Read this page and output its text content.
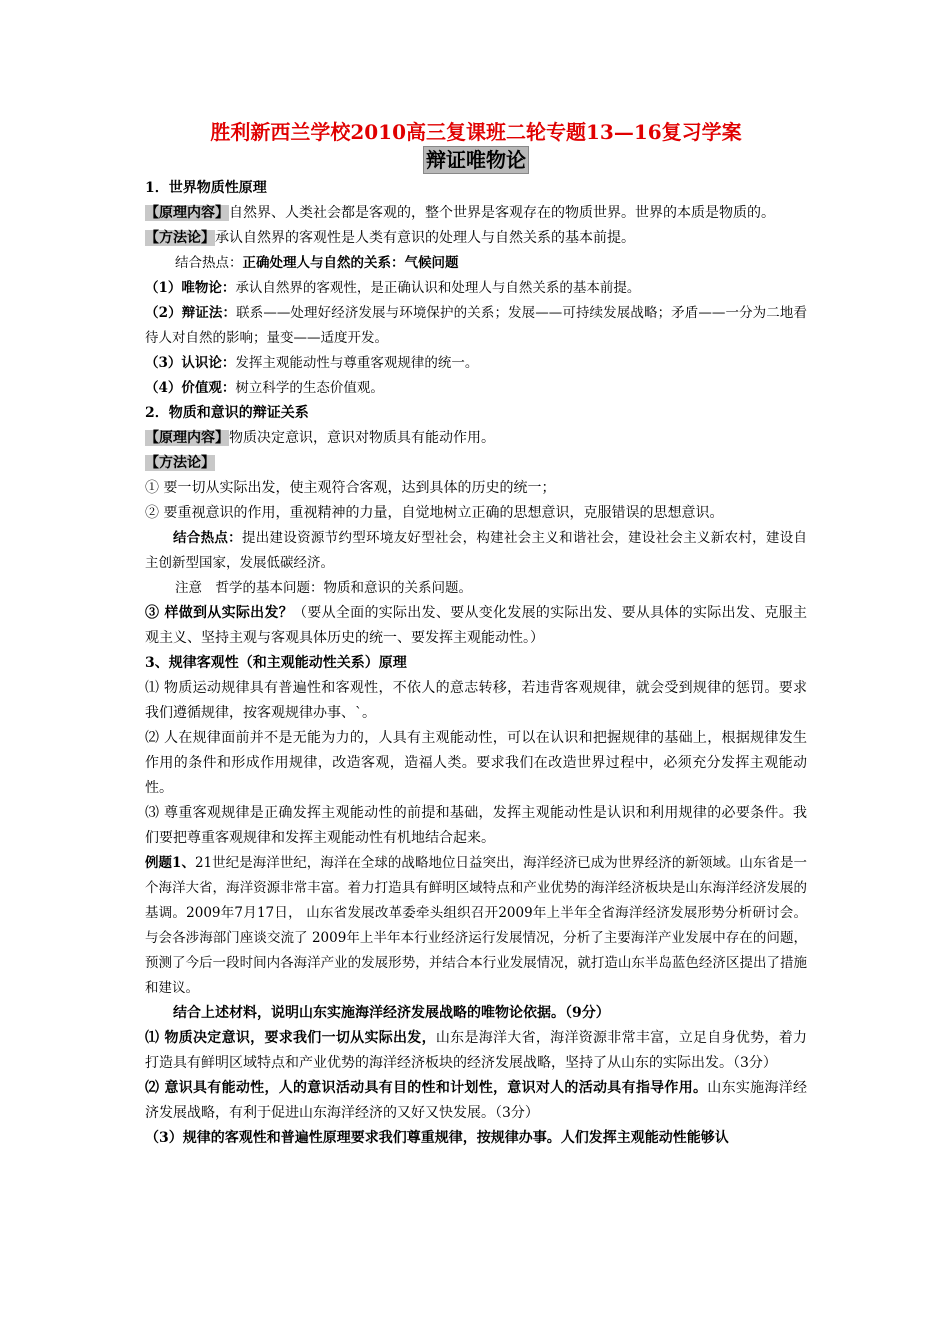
胜利新西兰学校2010高三复课班二轮专题13—16复习学案
辩证唯物论

1．世界物质性原理

【原理内容】自然界、人类社会都是客观的，整个世界是客观存在的物质世界。世界的本质是物质的。

【方法论】承认自然界的客观性是人类有意识的处理人与自然关系的基本前提。

结合热点：正确处理人与自然的关系：气候问题

（1）唯物论：承认自然界的客观性，是正确认识和处理人与自然关系的基本前提。

（2）辩证法：联系——处理好经济发展与环境保护的关系；发展——可持续发展战略；矛盾——一分为二地看待人对自然的影响；量变——适度开发。

（3）认识论：发挥主观能动性与尊重客观规律的统一。

（4）价值观：树立科学的生态价值观。

2．物质和意识的辩证关系

【原理内容】物质决定意识，意识对物质具有能动作用。

【方法论】

① 要一切从实际出发，使主观符合客观，达到具体的历史的统一；

② 要重视意识的作用，重视精神的力量，自觉地树立正确的思想意识，克服错误的思想意识。

结合热点：提出建设资源节约型环境友好型社会，构建社会主义和谐社会，建设社会主义新农村，建设自主创新型国家，发展低碳经济。

注意　哲学的基本问题：物质和意识的关系问题。

③ 样做到从实际出发？（要从全面的实际出发、要从变化发展的实际出发、要从具体的实际出发、克服主观主义、坚持主观与客观具体历史的统一、要发挥主观能动性。）

3、规律客观性（和主观能动性关系）原理

⑴ 物质运动规律具有普遍性和客观性，不依人的意志转移，若违背客观规律，就会受到规律的惩罚。要求我们遵循规律，按客观规律办事、`。

⑵ 人在规律面前并不是无能为力的，人具有主观能动性，可以在认识和把握规律的基础上，根据规律发生作用的条件和形成作用规律，改造客观，造福人类。要求我们在改造世界过程中，必须充分发挥主观能动性。

⑶ 尊重客观规律是正确发挥主观能动性的前提和基础，发挥主观能动性是认识和利用规律的必要条件。我们要把尊重客观规律和发挥主观能动性有机地结合起来。

例题1、21世纪是海洋世纪，海洋在全球的战略地位日益突出，海洋经济已成为世界经济的新领域。山东省是一个海洋大省，海洋资源非常丰富。着力打造具有鲜明区域特点和产业优势的海洋经济板块是山东海洋经济发展的基调。2009年7月17日， 山东省发展改革委牵头组织召开2009年上半年全省海洋经济发展形势分析研讨会。与会各涉海部门座谈交流了 2009年上半年本行业经济运行发展情况，分析了主要海洋产业发展中存在的问题，预测了今后一段时间内各海洋产业的发展形势，并结合本行业发展情况，就打造山东半岛蓝色经济区提出了措施和建议。

结合上述材料，说明山东实施海洋经济发展战略的唯物论依据。（9分）

⑴ 物质决定意识，要求我们一切从实际出发，山东是海洋大省，海洋资源非常丰富，立足自身优势，着力打造具有鲜明区域特点和产业优势的海洋经济板块的经济发展战略，坚持了从山东的实际出发。（3分）

⑵ 意识具有能动性，人的意识活动具有目的性和计划性，意识对人的活动具有指导作用。山东实施海洋经济发展战略，有利于促进山东海洋经济的又好又快发展。（3分）

（3）规律的客观性和普遍性原理要求我们尊重规律，按规律办事。人们发挥主观能动性能够认
